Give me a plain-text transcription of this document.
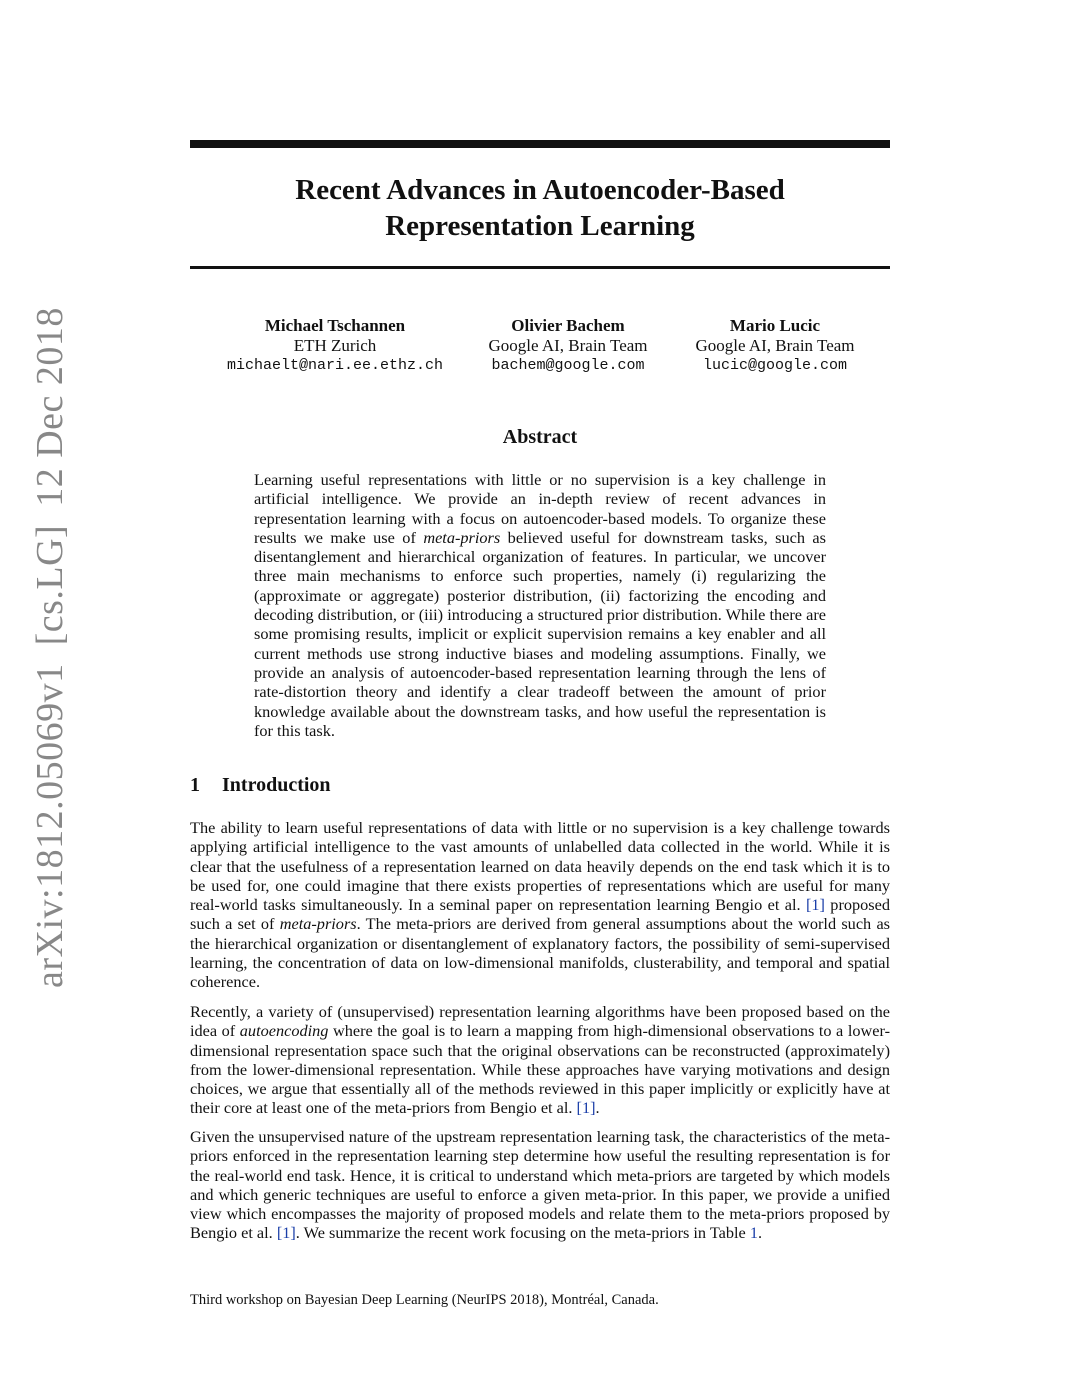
arXiv:1812.05069v1[cs.LG]12 Dec 2018
Recent Advances in Autoencoder-Based
Representation Learning
Michael Tschannen
ETH Zurich
michaelt@nari.ee.ethz.ch
Olivier Bachem
Google AI, Brain Team
bachem@google.com
Mario Lucic
Google AI, Brain Team
lucic@google.com
Abstract
Learning useful representations with little or no supervision is a key challenge in artificial intelligence. We provide an in-depth review of recent advances in representation learning with a focus on autoencoder-based models. To organize these results we make use of meta-priors believed useful for downstream tasks, such as disentanglement and hierarchical organization of features. In particular, we uncover three main mechanisms to enforce such properties, namely (i) regularizing the (approximate or aggregate) posterior distribution, (ii) factorizing the encoding and decoding distribution, or (iii) introducing a structured prior distribution. While there are some promising results, implicit or explicit supervision remains a key enabler and all current methods use strong inductive biases and modeling assumptions. Finally, we provide an analysis of autoencoder-based representation learning through the lens of rate-distortion theory and identify a clear tradeoff between the amount of prior knowledge available about the downstream tasks, and how useful the representation is for this task.
1 Introduction
The ability to learn useful representations of data with little or no supervision is a key challenge towards applying artificial intelligence to the vast amounts of unlabelled data collected in the world. While it is clear that the usefulness of a representation learned on data heavily depends on the end task which it is to be used for, one could imagine that there exists properties of representations which are useful for many real-world tasks simultaneously. In a seminal paper on representation learning Bengio et al. [1] proposed such a set of meta-priors. The meta-priors are derived from general assumptions about the world such as the hierarchical organization or disentanglement of explanatory factors, the possibility of semi-supervised learning, the concentration of data on low-dimensional manifolds, clusterability, and temporal and spatial coherence.
Recently, a variety of (unsupervised) representation learning algorithms have been proposed based on the idea of autoencoding where the goal is to learn a mapping from high-dimensional observations to a lower-dimensional representation space such that the original observations can be reconstructed (approximately) from the lower-dimensional representation. While these approaches have varying motivations and design choices, we argue that essentially all of the methods reviewed in this paper implicitly or explicitly have at their core at least one of the meta-priors from Bengio et al. [1].
Given the unsupervised nature of the upstream representation learning task, the characteristics of the meta-priors enforced in the representation learning step determine how useful the resulting representation is for the real-world end task. Hence, it is critical to understand which meta-priors are targeted by which models and which generic techniques are useful to enforce a given meta-prior. In this paper, we provide a unified view which encompasses the majority of proposed models and relate them to the meta-priors proposed by Bengio et al. [1]. We summarize the recent work focusing on the meta-priors in Table 1.
Third workshop on Bayesian Deep Learning (NeurIPS 2018), Montréal, Canada.
